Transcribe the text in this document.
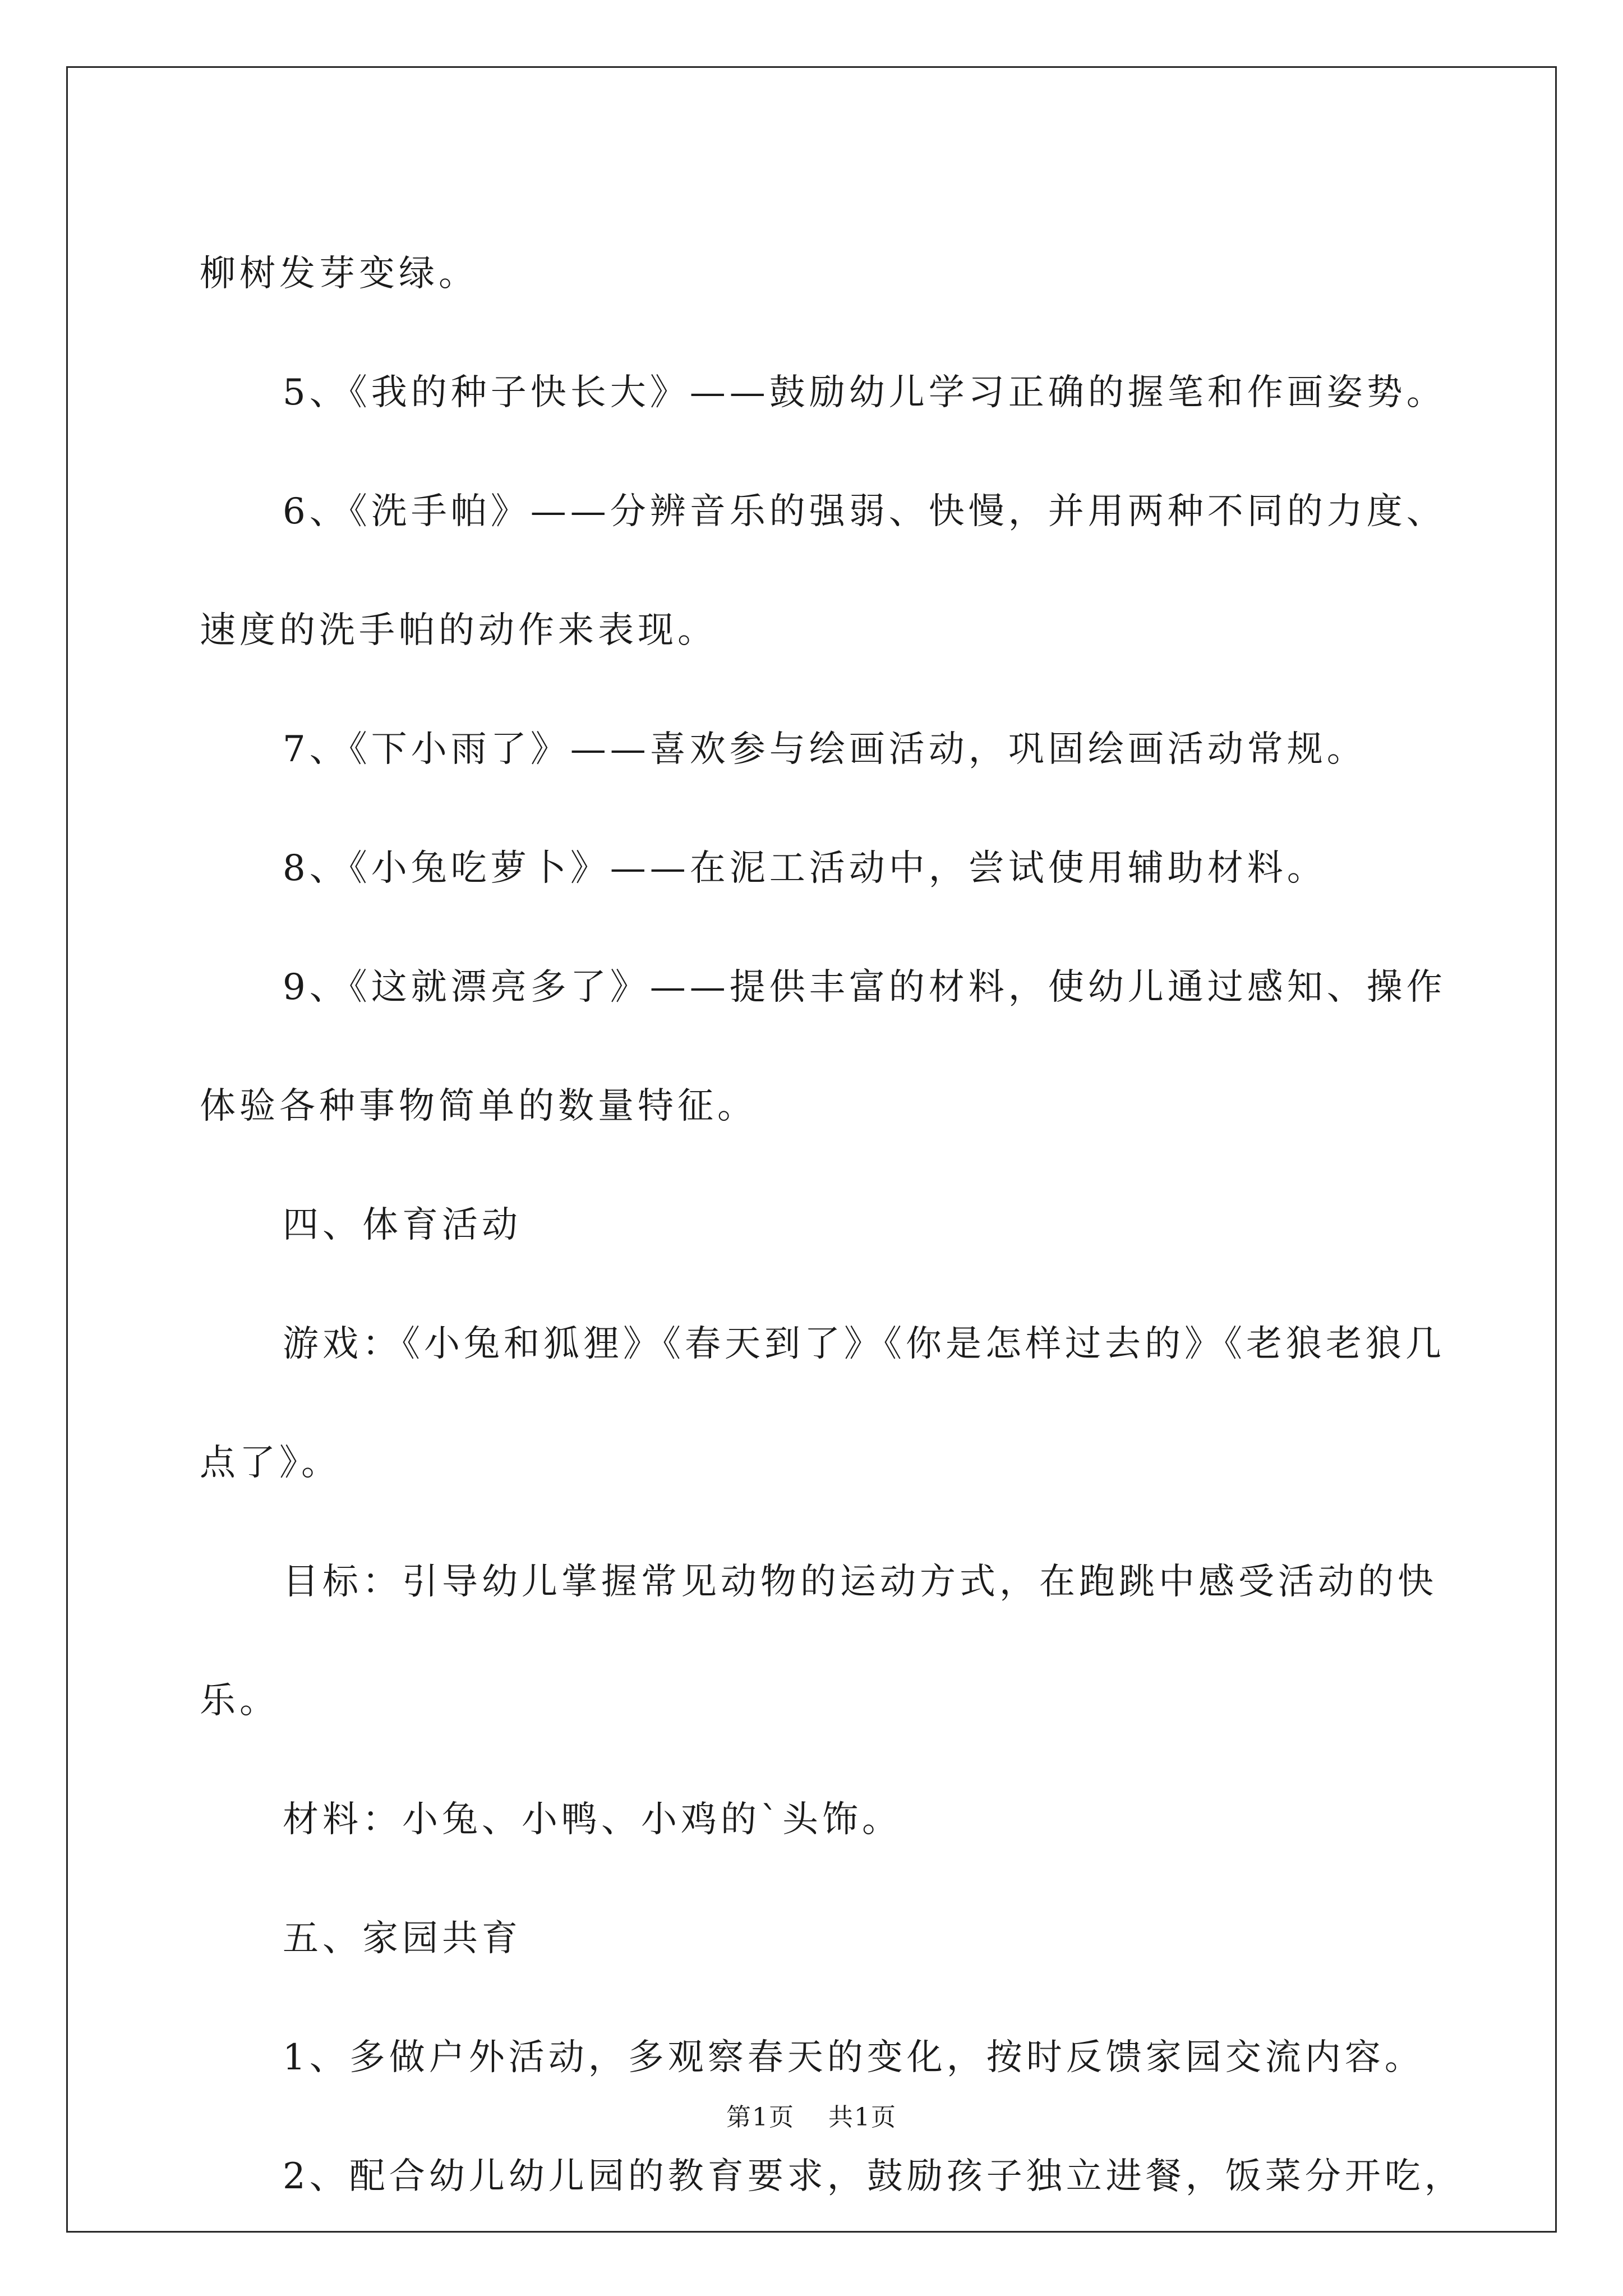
柳树发芽变绿。

5、《我的种子快长大》——鼓励幼儿学习正确的握笔和作画姿势。

6、《洗手帕》——分辨音乐的强弱、快慢，并用两种不同的力度、速度的洗手帕的动作来表现。

7、《下小雨了》——喜欢参与绘画活动，巩固绘画活动常规。

8、《小兔吃萝卜》——在泥工活动中，尝试使用辅助材料。

9、《这就漂亮多了》——提供丰富的材料，使幼儿通过感知、操作体验各种事物简单的数量特征。

四、体育活动

游戏：《小兔和狐狸》《春天到了》《你是怎样过去的》《老狼老狼几点了》。

目标：引导幼儿掌握常见动物的运动方式，在跑跳中感受活动的快乐。

材料：小兔、小鸭、小鸡的`头饰。

五、家园共育

1、多做户外活动，多观察春天的变化，按时反馈家园交流内容。

2、配合幼儿幼儿园的教育要求，鼓励孩子独立进餐，饭菜分开吃，

第1页 共1页
